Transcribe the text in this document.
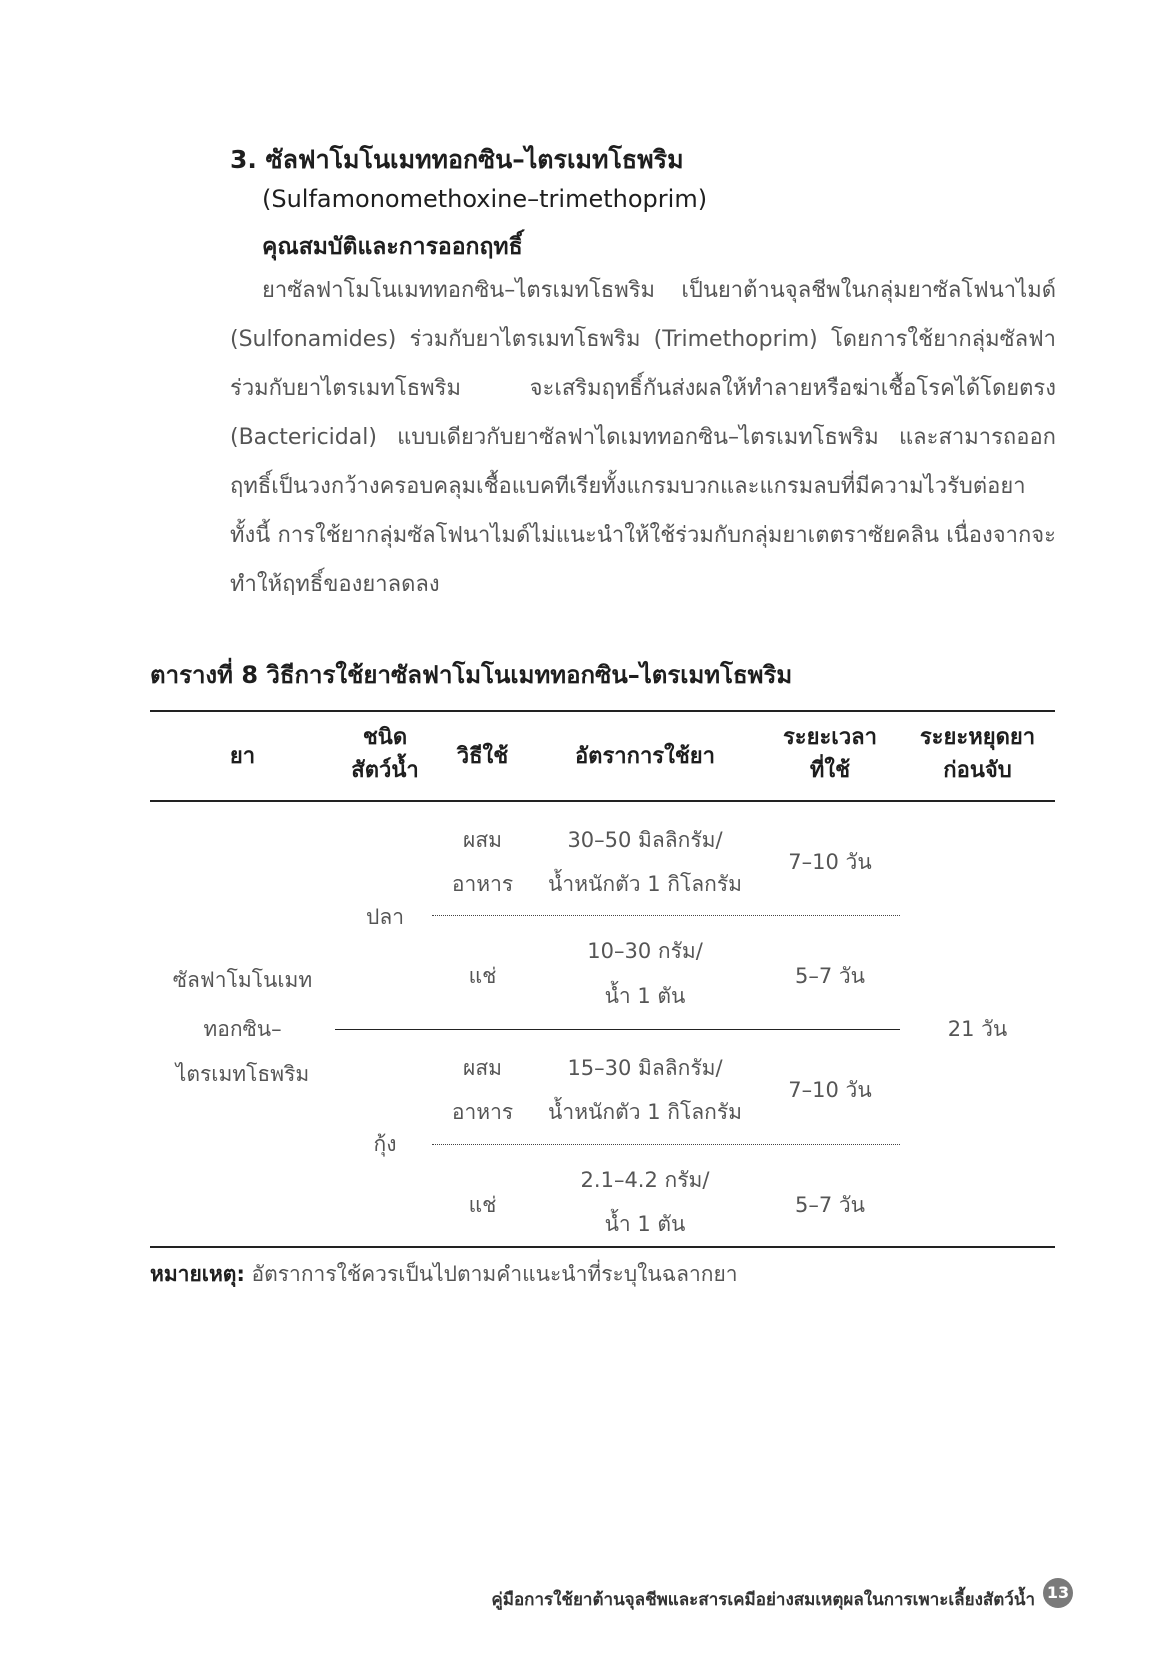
3. ซัลฟาโมโนเมททอกซิน–ไตรเมทโธพริม
(Sulfamonomethoxine–trimethoprim)
คุณสมบัติและการออกฤทธิ์

ยาซัลฟาโมโนเมททอกซิน–ไตรเมทโธพริม เป็นยาต้านจุลชีพในกลุ่มยาซัลโฟนาไมด์ (Sulfonamides) ร่วมกับยาไตรเมทโธพริม (Trimethoprim) โดยการใช้ยากลุ่มซัลฟาร่วมกับยาไตรเมทโธพริม จะเสริมฤทธิ์กันส่งผลให้ทำลายหรือฆ่าเชื้อโรคได้โดยตรง (Bactericidal) แบบเดียวกับยาซัลฟาไดเมททอกซิน–ไตรเมทโธพริม และสามารถออกฤทธิ์เป็นวงกว้างครอบคลุมเชื้อแบคทีเรียทั้งแกรมบวกและแกรมลบที่มีความไวรับต่อยา ทั้งนี้ การใช้ยากลุ่มซัลโฟนาไมด์ไม่แนะนำให้ใช้ร่วมกับกลุ่มยาเตตราซัยคลิน เนื่องจากจะทำให้ฤทธิ์ของยาลดลง

ตารางที่ 8 วิธีการใช้ยาซัลฟาโมโนเมททอกซิน–ไตรเมทโธพริม
ยา
ชนิด
สัตว์น้ำ
วิธีใช้	อัตราการใช้ยา
ระยะเวลา
ที่ใช้
ระยะหยุดยา
ก่อนจับ
ซัลฟาโมโนเมท
ทอกซิน–
ไตรเมทโธพริม
21 วัน
ปลา
ผสม
อาหาร
30–50 มิลลิกรัม/
น้ำหนักตัว 1 กิโลกรัม
7–10 วัน
แช่
10–30 กรัม/
น้ำ 1 ตัน
5–7 วัน
กุ้ง
ผสม
อาหาร
15–30 มิลลิกรัม/
น้ำหนักตัว 1 กิโลกรัม
7–10 วัน
แช่
2.1–4.2 กรัม/
น้ำ 1 ตัน
5–7 วัน
หมายเหตุ: อัตราการใช้ควรเป็นไปตามคำแนะนำที่ระบุในฉลากยา
คู่มือการใช้ยาต้านจุลชีพและสารเคมีอย่างสมเหตุผลในการเพาะเลี้ยงสัตว์น้ำ 13
